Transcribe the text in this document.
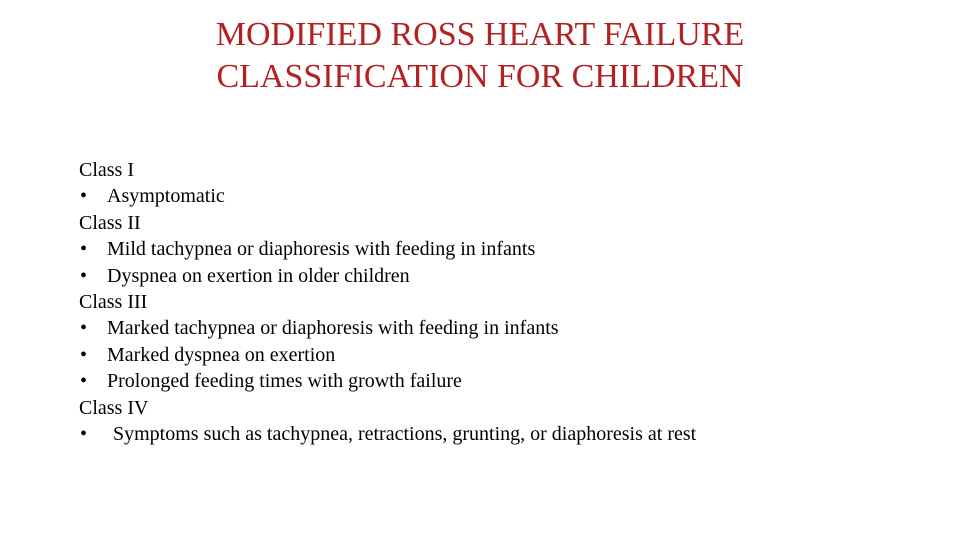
MODIFIED ROSS HEART FAILURE
CLASSIFICATION FOR CHILDREN
Class I
• Asymptomatic
Class II
• Mild tachypnea or diaphoresis with feeding in infants
• Dyspnea on exertion in older children
Class III
• Marked tachypnea or diaphoresis with feeding in infants
• Marked dyspnea on exertion
• Prolonged feeding times with growth failure
Class IV
•	Symptoms such as tachypnea, retractions, grunting, or diaphoresis at rest
